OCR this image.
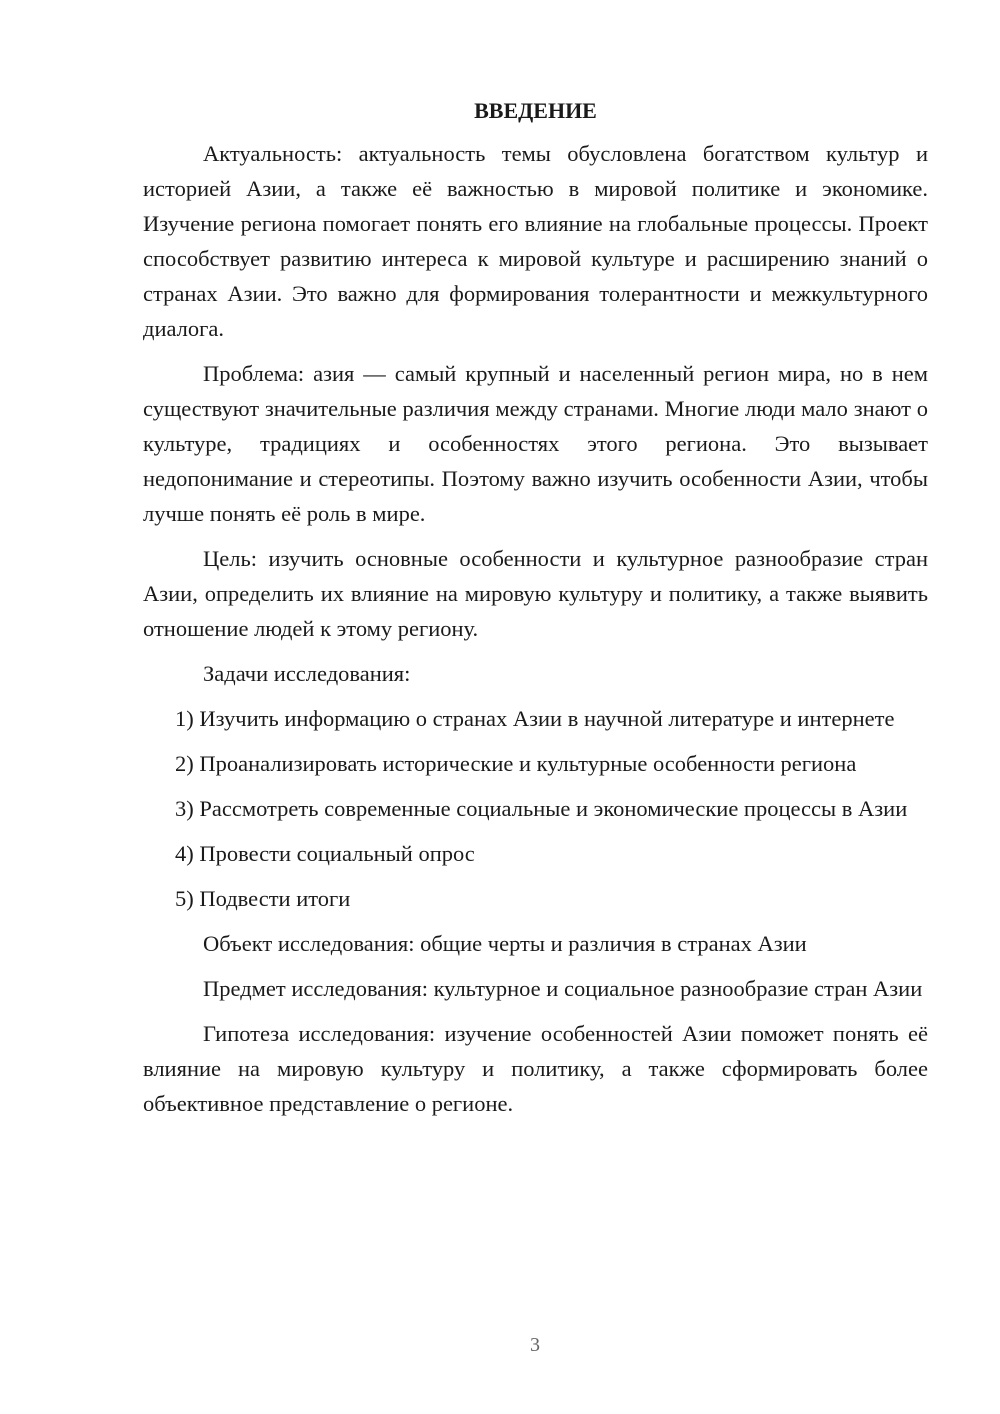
ВВЕДЕНИЕ

Актуальность: актуальность темы обусловлена богатством культур и историей Азии, а также её важностью в мировой политике и экономике. Изучение региона помогает понять его влияние на глобальные процессы. Проект способствует развитию интереса к мировой культуре и расширению знаний о странах Азии. Это важно для формирования толерантности и межкультурного диалога.

Проблема: азия — самый крупный и населенный регион мира, но в нем существуют значительные различия между странами. Многие люди мало знают о культуре, традициях и особенностях этого региона. Это вызывает недопонимание и стереотипы. Поэтому важно изучить особенности Азии, чтобы лучше понять её роль в мире.

Цель: изучить основные особенности и культурное разнообразие стран Азии, определить их влияние на мировую культуру и политику, а также выявить отношение людей к этому региону.

Задачи исследования:

1) Изучить информацию о странах Азии в научной литературе и интернете

2) Проанализировать исторические и культурные особенности региона

3) Рассмотреть современные социальные и экономические процессы в Азии

4) Провести социальный опрос

5) Подвести итоги

Объект исследования: общие черты и различия в странах Азии

Предмет исследования: культурное и социальное разнообразие стран Азии

Гипотеза исследования: изучение особенностей Азии поможет понять её влияние на мировую культуру и политику, а также сформировать более объективное представление о регионе.

3
